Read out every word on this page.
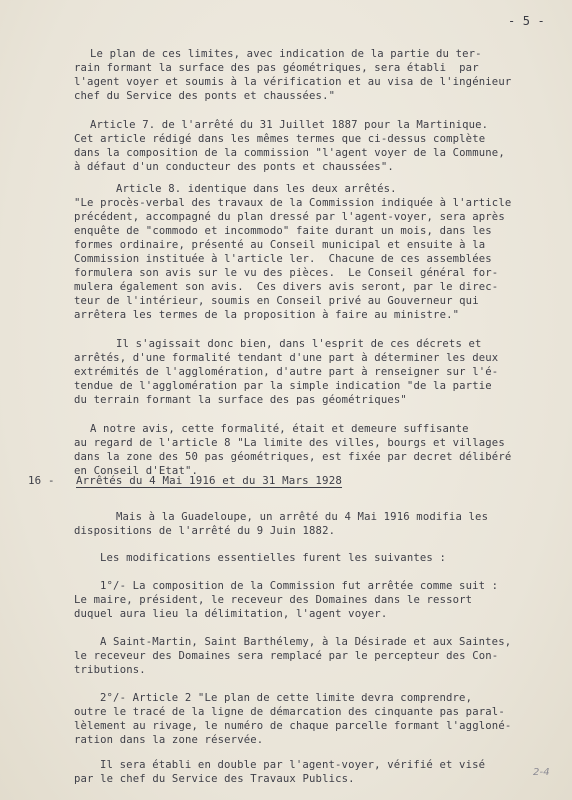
- 5 -
Le plan de ces limites, avec indication de la partie du ter-
rain formant la surface des pas géométriques, sera établi  par
l'agent voyer et soumis à la vérification et au visa de l'ingénieur
chef du Service des ponts et chaussées."
Article 7. de l'arrêté du 31 Juillet 1887 pour la Martinique.
Cet article rédigé dans les mêmes termes que ci-dessus complète
dans la composition de la commission "l'agent voyer de la Commune,
à défaut d'un conducteur des ponts et chaussées".
Article 8. identique dans les deux arrêtés.
"Le procès-verbal des travaux de la Commission indiquée à l'article
précédent, accompagné du plan dressé par l'agent-voyer, sera après
enquête de "commodo et incommodo" faite durant un mois, dans les
formes ordinaire, présenté au Conseil municipal et ensuite à la
Commission instituée à l'article ler.  Chacune de ces assemblées
formulera son avis sur le vu des pièces.  Le Conseil général for-
mulera également son avis.  Ces divers avis seront, par le direc-
teur de l'intérieur, soumis en Conseil privé au Gouverneur qui
arrêtera les termes de la proposition à faire au ministre."
Il s'agissait donc bien, dans l'esprit de ces décrets et
arrêtés, d'une formalité tendant d'une part à déterminer les deux
extrémités de l'agglomération, d'autre part à renseigner sur l'é-
tendue de l'agglomération par la simple indication "de la partie
du terrain formant la surface des pas géométriques"
A notre avis, cette formalité, était et demeure suffisante
au regard de l'article 8 "La limite des villes, bourgs et villages
dans la zone des 50 pas géométriques, est fixée par decret délibéré
en Conseil d'Etat".
16 - Arrêtés du 4 Mai 1916 et du 31 Mars 1928
Mais à la Guadeloupe, un arrêté du 4 Mai 1916 modifia les
dispositions de l'arrêté du 9 Juin 1882.
Les modifications essentielles furent les suivantes :
1°/- La composition de la Commission fut arrêtée comme suit :
Le maire, président, le receveur des Domaines dans le ressort
duquel aura lieu la délimitation, l'agent voyer.
A Saint-Martin, Saint Barthélemy, à la Désirade et aux Saintes,
le receveur des Domaines sera remplacé par le percepteur des Con-
tributions.
2°/- Article 2 "Le plan de cette limite devra comprendre,
outre le tracé de la ligne de démarcation des cinquante pas paral-
lèlement au rivage, le numéro de chaque parcelle formant l'aggloné-
ration dans la zone réservée.
Il sera établi en double par l'agent-voyer, vérifié et visé
par le chef du Service des Travaux Publics.
2-4
